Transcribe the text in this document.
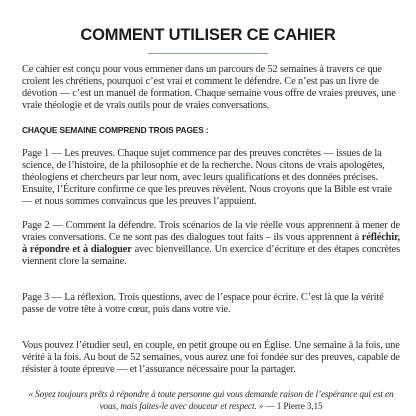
COMMENT UTILISER CE CAHIER

Ce cahier est conçu pour vous emmener dans un parcours de 52 semaines à travers ce que croient les chrétiens, pourquoi c’est vrai et comment le défendre. Ce n’est pas un livre de dévotion — c’est un manuel de formation. Chaque semaine vous offre de vraies preuves, une vraie théologie et de vrais outils pour de vraies conversations.

CHAQUE SEMAINE COMPREND TROIS PAGES :

Page 1 — Les preuves. Chaque sujet commence par des preuves concrètes — issues de la science, de l’histoire, de la philosophie et de la recherche. Nous citons de vrais apologètes, théologiens et chercheurs par leur nom, avec leurs qualifications et des données précises. Ensuite, l’Écriture confirme ce que les preuves révèlent. Nous croyons que la Bible est vraie — et nous sommes convaincus que les preuves l’appuient.

Page 2 — Comment la défendre. Trois scénarios de la vie réelle vous apprennent à mener de vraies conversations. Ce ne sont pas des dialogues tout faits – ils vous apprennent à réfléchir, à répondre et à dialoguer avec bienveillance. Un exercice d’écriture et des étapes concrètes viennent clore la semaine.

Page 3 — La réflexion. Trois questions, avec de l’espace pour écrire. C’est là que la vérité passe de votre tête à votre cœur, puis dans votre vie.

Vous pouvez l’étudier seul, en couple, en petit groupe ou en Église. Une semaine à la fois, une vérité à la fois. Au bout de 52 semaines, vous aurez une foi fondée sur des preuves, capable de résister à toute épreuve — et l’assurance nécessaire pour la partager.

« Soyez toujours prêts à répondre à toute personne qui vous demande raison de l’espérance qui est en vous, mais faites-le avec douceur et respect. » — 1 Pierre 3,15
